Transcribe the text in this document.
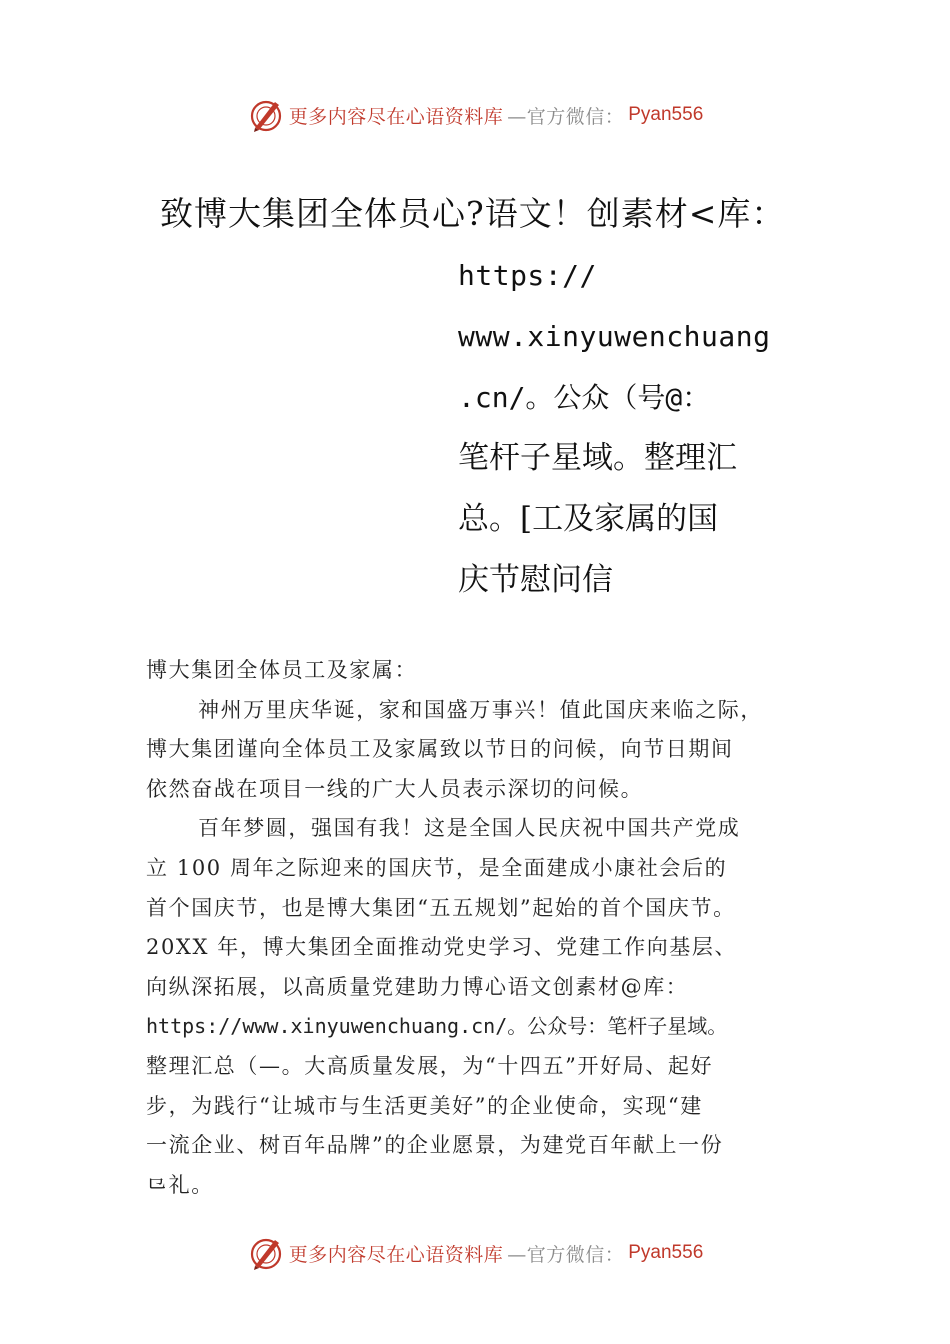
更多内容尽在心语资料库 —官方微信： Pyan556
致博大集团全体员心?语文！创素材<库：
https://
www.xinyuwenchuang
.cn/。公众（号@：
笔杆子星域。整理汇
总。[工及家属的国
庆节慰问信
博大集团全体员工及家属：
神州万里庆华诞，家和国盛万事兴！值此国庆来临之际，
博大集团谨向全体员工及家属致以节日的问候，向节日期间
依然奋战在项目一线的广大人员表示深切的问候。
百年梦圆，强国有我！这是全国人民庆祝中国共产党成
立 100 周年之际迎来的国庆节，是全面建成小康社会后的
首个国庆节，也是博大集团“五五规划”起始的首个国庆节。
20XX 年，博大集团全面推动党史学习、党建工作向基层、
向纵深拓展，以高质量党建助力博心语文创素材@库：
https://www.xinyuwenchuang.cn/。公众号：笔杆子星域。
整理汇总（—。大高质量发展，为“十四五”开好局、起好
步，为践行“让城市与生活更美好”的企业使命，实现“建
一流企业、树百年品牌”的企业愿景，为建党百年献上一份
⺋礼。
更多内容尽在心语资料库 —官方微信： Pyan556
